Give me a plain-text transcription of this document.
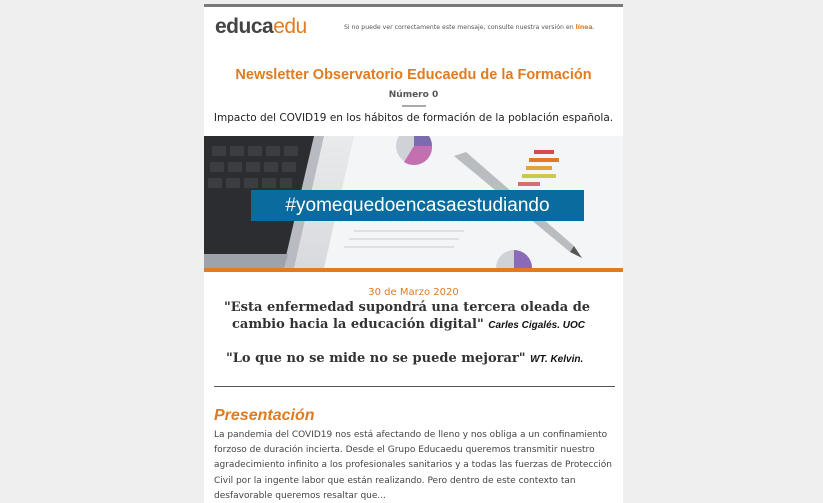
educaedu	Si no puede ver correctamente este mensaje, consulte nuestra versión en línea.
Newsletter Observatorio Educaedu de la Formación
Número 0
Impacto del COVID19 en los hábitos de formación de la población española.
#yomequedoencasaestudiando
30 de Marzo 2020
"Esta enfermedad supondrá una tercera oleada de
cambio hacia la educación digital" Carles Cigalés. UOC
"Lo que no se mide no se puede mejorar" WT. Kelvin.
Presentación
La pandemia del COVID19 nos está afectando de lleno y nos obliga a un confinamiento forzoso de duración incierta. Desde el Grupo Educaedu queremos transmitir nuestro agradecimiento infinito a los profesionales sanitarios y a todas las fuerzas de Protección Civil por la ingente labor que están realizando. Pero dentro de este contexto tan desfavorable queremos resaltar que...
